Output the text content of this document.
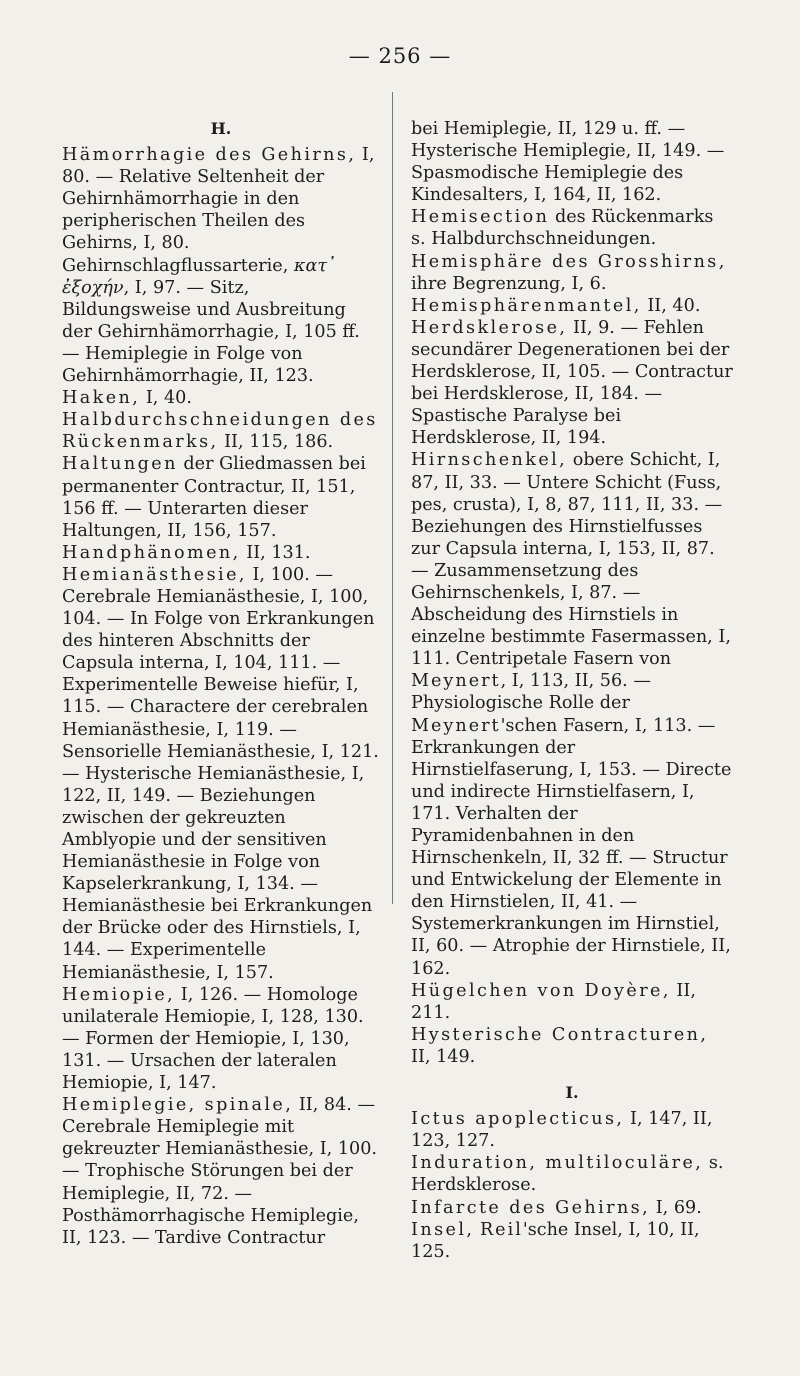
— 256 —
H.

Hämorrhagie des Gehirns, I, 80. — Relative Seltenheit der Gehirnhämorrhagie in den peripherischen Theilen des Gehirns, I, 80. Gehirnschlagflussarterie, κατ᾽ ἐξοχήν, I, 97. — Sitz, Bildungsweise und Ausbreitung der Gehirnhämorrhagie, I, 105 ff. — Hemiplegie in Folge von Gehirnhämorrhagie, II, 123.

Haken, I, 40.

Halbdurchschneidungen des Rückenmarks, II, 115, 186.

Haltungen der Gliedmassen bei permanenter Contractur, II, 151, 156 ff. — Unterarten dieser Haltungen, II, 156, 157.

Handphänomen, II, 131.

Hemianästhesie, I, 100. — Cerebrale Hemianästhesie, I, 100, 104. — In Folge von Erkrankungen des hinteren Abschnitts der Capsula interna, I, 104, 111. — Experimentelle Beweise hiefür, I, 115. — Charactere der cerebralen Hemianästhesie, I, 119. — Sensorielle Hemianästhesie, I, 121. — Hysterische Hemianästhesie, I, 122, II, 149. — Beziehungen zwischen der gekreuzten Amblyopie und der sensitiven Hemianästhesie in Folge von Kapselerkrankung, I, 134. — Hemianästhesie bei Erkrankungen der Brücke oder des Hirnstiels, I, 144. — Experimentelle Hemianästhesie, I, 157.

Hemiopie, I, 126. — Homologe unilaterale Hemiopie, I, 128, 130. — Formen der Hemiopie, I, 130, 131. — Ursachen der lateralen Hemiopie, I, 147.

Hemiplegie, spinale, II, 84. — Cerebrale Hemiplegie mit gekreuzter Hemianästhesie, I, 100. — Trophische Störungen bei der Hemiplegie, II, 72. — Posthämorrhagische Hemiplegie, II, 123. — Tardive Contractur

bei Hemiplegie, II, 129 u. ff. — Hysterische Hemiplegie, II, 149. — Spasmodische Hemiplegie des Kindesalters, I, 164, II, 162.

Hemisection des Rückenmarks s. Halbdurchschneidungen.

Hemisphäre des Grosshirns, ihre Begrenzung, I, 6.

Hemisphärenmantel, II, 40.

Herdsklerose, II, 9. — Fehlen secundärer Degenerationen bei der Herdsklerose, II, 105. — Contractur bei Herdsklerose, II, 184. — Spastische Paralyse bei Herdsklerose, II, 194.

Hirnschenkel, obere Schicht, I, 87, II, 33. — Untere Schicht (Fuss, pes, crusta), I, 8, 87, 111, II, 33. — Beziehungen des Hirnstielfusses zur Capsula interna, I, 153, II, 87. — Zusammensetzung des Gehirnschenkels, I, 87. — Abscheidung des Hirnstiels in einzelne bestimmte Fasermassen, I, 111. Centripetale Fasern von Meynert, I, 113, II, 56. — Physiologische Rolle der Meynert'schen Fasern, I, 113. — Erkrankungen der Hirnstielfaserung, I, 153. — Directe und indirecte Hirnstielfasern, I, 171. Verhalten der Pyramidenbahnen in den Hirnschenkeln, II, 32 ff. — Structur und Entwickelung der Elemente in den Hirnstielen, II, 41. — Systemerkrankungen im Hirnstiel, II, 60. — Atrophie der Hirnstiele, II, 162.

Hügelchen von Doyère, II, 211.

Hysterische Contracturen, II, 149.

I.

Ictus apoplecticus, I, 147, II, 123, 127.

Induration, multiloculäre, s. Herdsklerose.

Infarcte des Gehirns, I, 69.

Insel, Reil'sche Insel, I, 10, II, 125.
